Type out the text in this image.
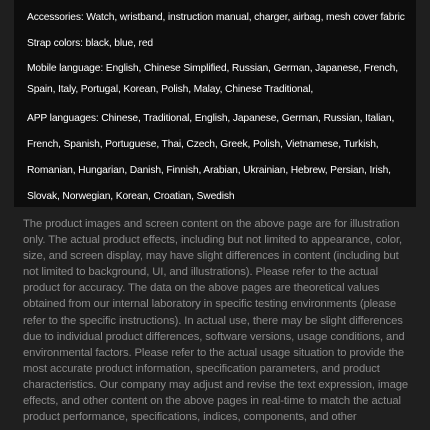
Accessories: Watch, wristband, instruction manual, charger, airbag, mesh cover fabric
Strap colors: black, blue, red
Mobile language: English, Chinese Simplified, Russian, German, Japanese, French,
Spain, Italy, Portugal, Korean, Polish, Malay, Chinese Traditional,
APP languages: Chinese, Traditional, English, Japanese, German, Russian, Italian,
French, Spanish, Portuguese, Thai, Czech, Greek, Polish, Vietnamese, Turkish,
Romanian, Hungarian, Danish, Finnish, Arabian, Ukrainian, Hebrew, Persian, Irish,
Slovak, Norwegian, Korean, Croatian, Swedish
The product images and screen content on the above page are for illustration only. The actual product effects, including but not limited to appearance, color, size, and screen display, may have slight differences in content (including but not limited to background, UI, and illustrations). Please refer to the actual product for accuracy. The data on the above pages are theoretical values obtained from our internal laboratory in specific testing environments (please refer to the specific instructions). In actual use, there may be slight differences due to individual product differences, software versions, usage conditions, and environmental factors. Please refer to the actual usage situation to provide the most accurate product information, specification parameters, and product characteristics. Our company may adjust and revise the text expression, image effects, and other content on the above pages in real-time to match the actual product performance, specifications, indices, components, and other
